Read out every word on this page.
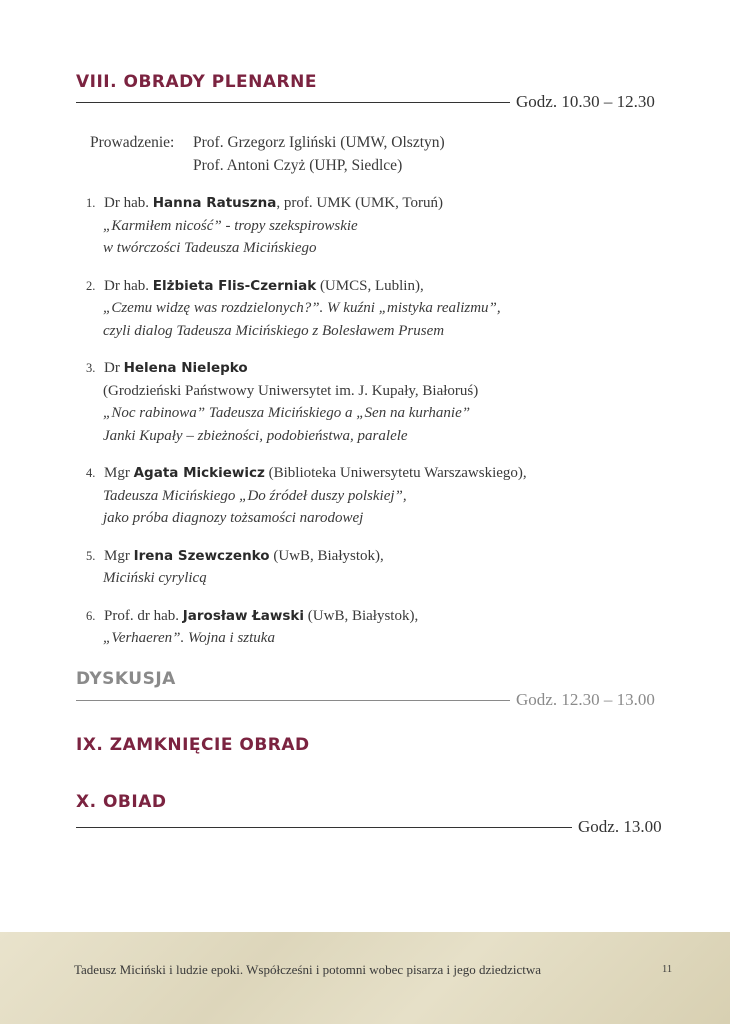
VIII. OBRADY PLENARNE
Godz. 10.30 – 12.30
Prowadzenie:	Prof. Grzegorz Igliński (UMW, Olsztyn)
Prof. Antoni Czyż (UHP, Siedlce)
1. Dr hab. Hanna Ratuszna, prof. UMK (UMK, Toruń)
„Karmiłem nicość” - tropy szekspirowskie
w twórczości Tadeusza Micińskiego
2. Dr hab. Elżbieta Flis-Czerniak (UMCS, Lublin),
„Czemu widzę was rozdzielonych?”. W kuźni „mistyka realizmu”,
czyli dialog Tadeusza Micińskiego z Bolesławem Prusem
3. Dr Helena Nielepko
(Grodzieński Państwowy Uniwersytet im. J. Kupały, Białoruś)
„Noc rabinowa” Tadeusza Micińskiego a „Sen na kurhanie”
Janki Kupały – zbieżności, podobieństwa, paralele
4. Mgr Agata Mickiewicz (Biblioteka Uniwersytetu Warszawskiego),
Tadeusza Micińskiego „Do źródeł duszy polskiej”,
jako próba diagnozy tożsamości narodowej
5. Mgr Irena Szewczenko (UwB, Białystok),
Miciński cyrylicą
6. Prof. dr hab. Jarosław Ławski (UwB, Białystok),
„Verhaeren”. Wojna i sztuka
DYSKUSJA
Godz. 12.30 – 13.00
IX. ZAMKNIĘCIE OBRAD
X. OBIAD
Godz. 13.00
Tadeusz Miciński i ludzie epoki. Współcześni i potomni wobec pisarza i jego dziedzictwa	11
